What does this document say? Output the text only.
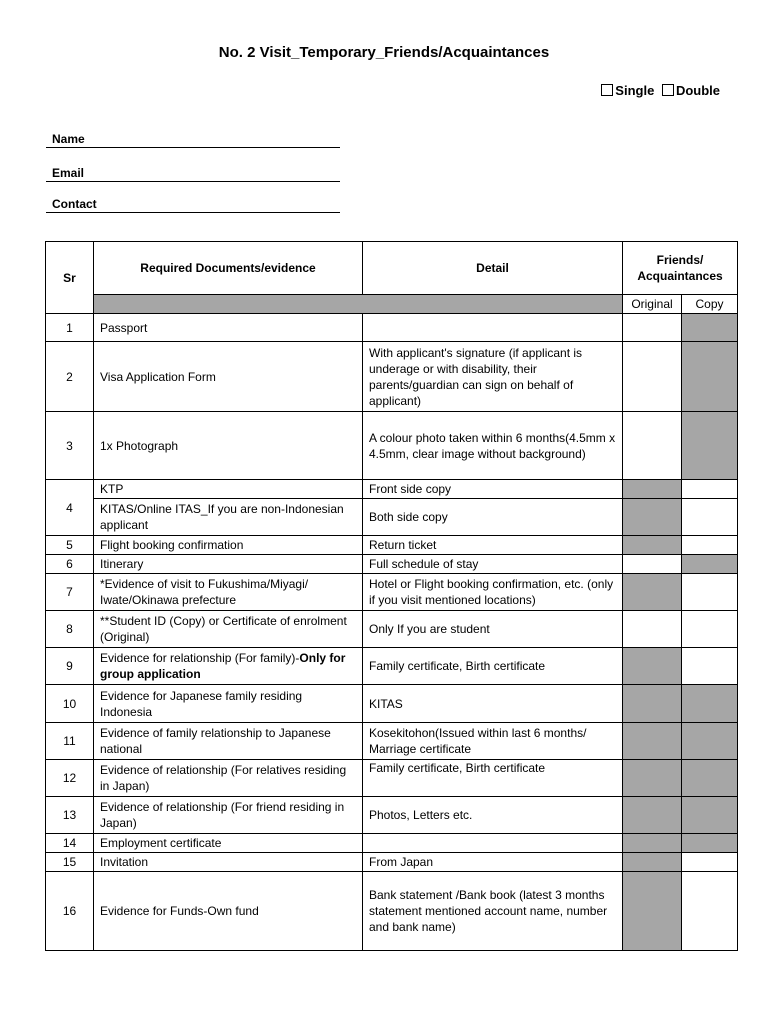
No. 2 Visit_Temporary_Friends/Acquaintances
Single Double
Name
Email
Contact
Sr	Required Documents/evidence	Detail	Friends/ Acquaintances	
			Original	Copy
1	Passport			
2	Visa Application Form	With applicant's signature (if applicant is underage or with disability, their parents/guardian can sign on behalf of applicant)		
3	1x Photograph	A colour photo taken within 6 months(4.5mm x 4.5mm, clear image without background)		
4	KTP	Front side copy		
	KITAS/Online ITAS_If you are non-Indonesian applicant	Both side copy		
5	Flight booking confirmation	Return ticket		
6	Itinerary	Full schedule of stay		
7	*Evidence of visit to Fukushima/Miyagi/ Iwate/Okinawa prefecture	Hotel or Flight booking confirmation, etc. (only if you visit mentioned locations)		
8	**Student ID (Copy) or Certificate of enrolment (Original)	Only If you are student		
9	Evidence for relationship (For family)-Only for group application	Family certificate, Birth certificate		
10	Evidence for Japanese family residing Indonesia	KITAS		
11	Evidence of family relationship to Japanese national	Kosekitohon(Issued within last 6 months/ Marriage certificate		
12	Evidence of relationship (For relatives residing in Japan)	Family certificate, Birth certificate		
13	Evidence of relationship (For friend residing in Japan)	Photos, Letters etc.		
14	Employment certificate			
15	Invitation	From Japan		
16	Evidence for Funds-Own fund	Bank statement /Bank book (latest 3 months statement mentioned account name, number and bank name)		
